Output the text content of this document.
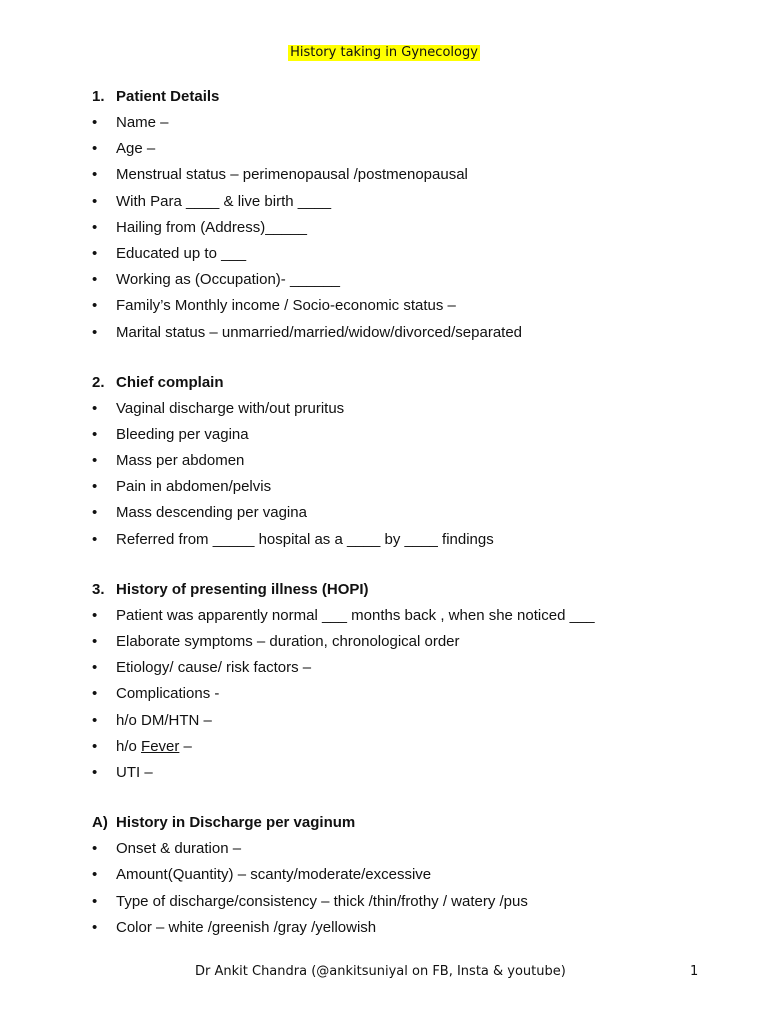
History taking in Gynecology
1. Patient Details
• Name –
• Age –
• Menstrual status – perimenopausal /postmenopausal
• With Para ____ & live birth ____
• Hailing from (Address)_____
• Educated up to ___
• Working as (Occupation)- ______
• Family’s Monthly income / Socio-economic status –
• Marital status – unmarried/married/widow/divorced/separated
2. Chief complain
• Vaginal discharge with/out pruritus
• Bleeding per vagina
• Mass per abdomen
• Pain in abdomen/pelvis
• Mass descending per vagina
• Referred from _____ hospital as a ____ by ____ findings
3. History of presenting illness (HOPI)
• Patient was apparently normal ___ months back , when she noticed ___
• Elaborate symptoms – duration, chronological order
• Etiology/ cause/ risk factors –
• Complications -
• h/o DM/HTN –
• h/o Fever –
• UTI –
A) History in Discharge per vaginum
• Onset & duration –
• Amount(Quantity) – scanty/moderate/excessive
• Type of discharge/consistency – thick /thin/frothy / watery /pus
• Color – white /greenish /gray /yellowish
Dr Ankit Chandra (@ankitsuniyal on FB, Insta & youtube)	1
